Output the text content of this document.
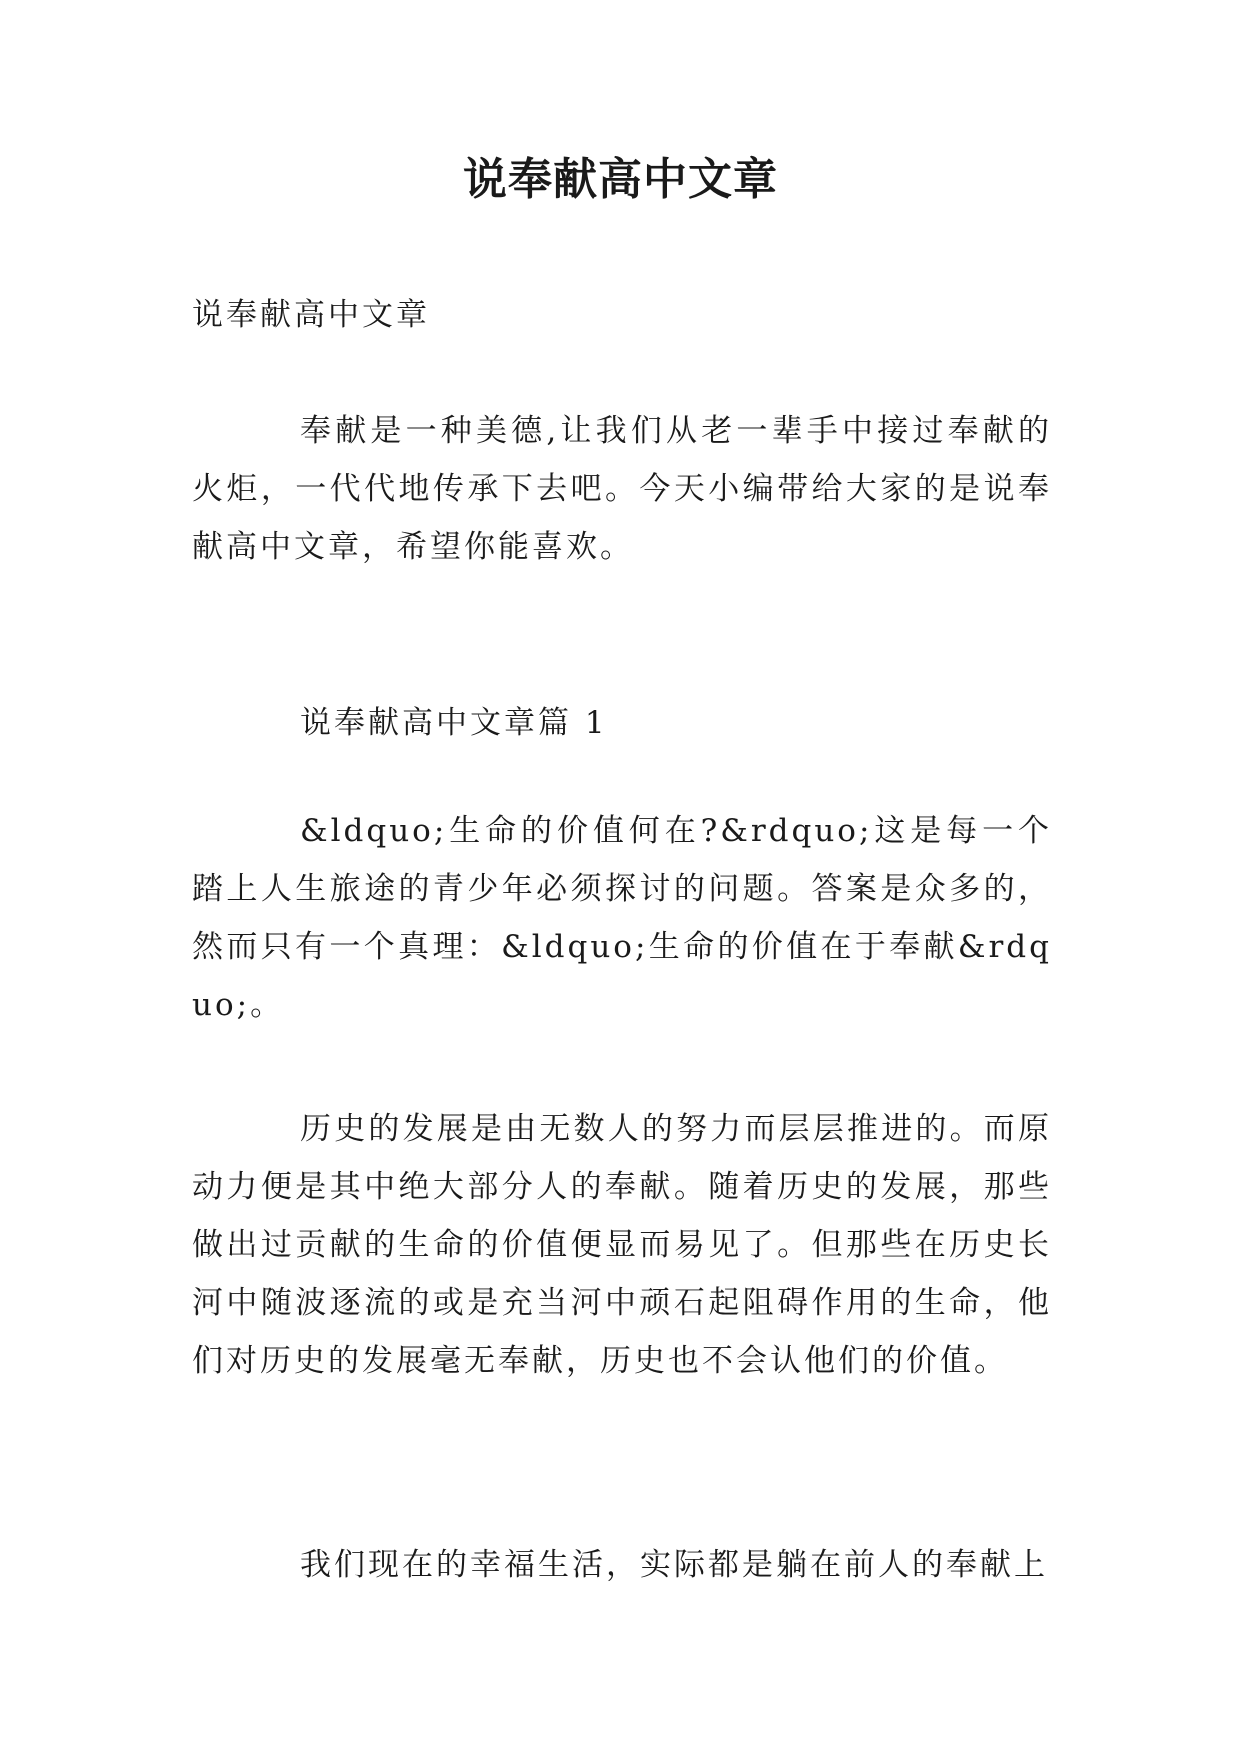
说奉献高中文章

说奉献高中文章

奉献是一种美德,让我们从老一辈手中接过奉献的火炬，一代代地传承下去吧。今天小编带给大家的是说奉献高中文章，希望你能喜欢。

说奉献高中文章篇 1

&ldquo;生命的价值何在?&rdquo;这是每一个踏上人生旅途的青少年必须探讨的问题。答案是众多的，然而只有一个真理：&ldquo;生命的价值在于奉献&rdquo;。

历史的发展是由无数人的努力而层层推进的。而原动力便是其中绝大部分人的奉献。随着历史的发展，那些做出过贡献的生命的价值便显而易见了。但那些在历史长河中随波逐流的或是充当河中顽石起阻碍作用的生命，他们对历史的发展毫无奉献，历史也不会认他们的价值。

我们现在的幸福生活，实际都是躺在前人的奉献上
